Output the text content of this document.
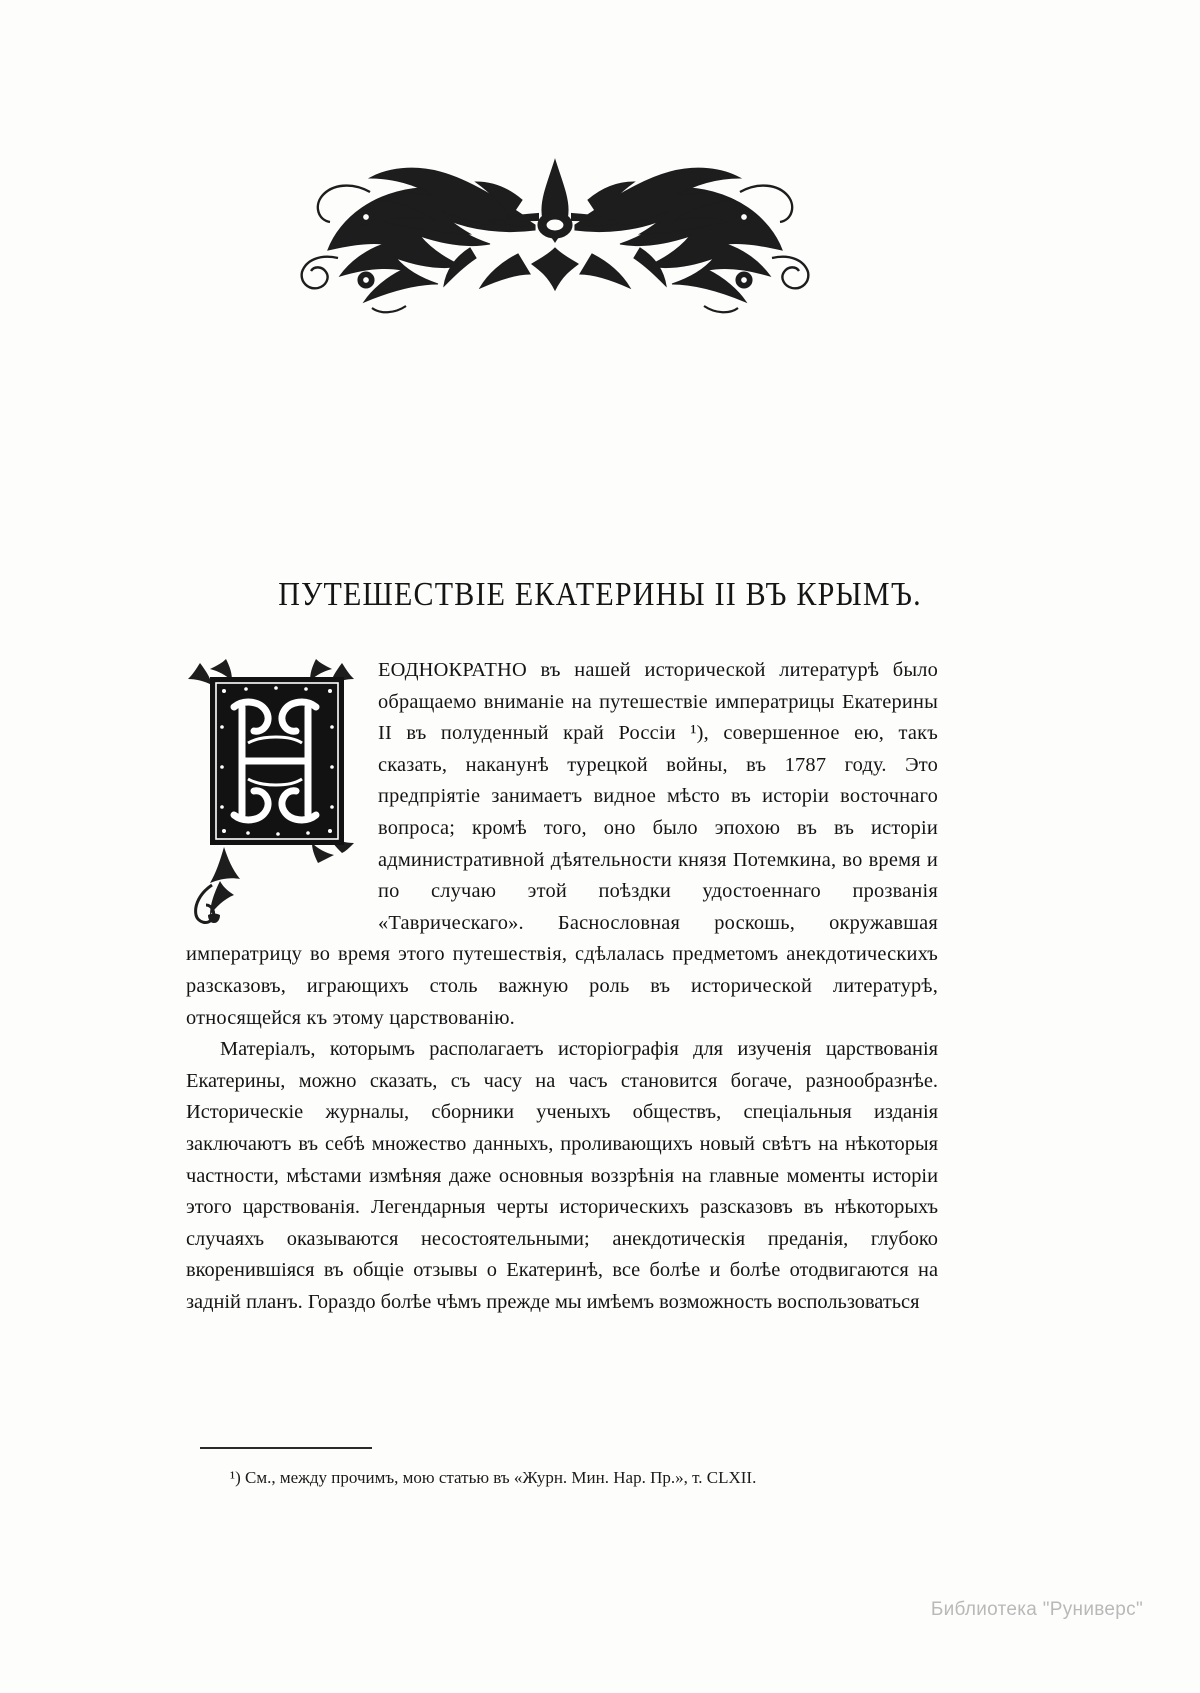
ПУТЕШЕСТВІЕ ЕКАТЕРИНЫ II ВЪ КРЫМЪ.

ЕОДНОКРАТНО въ нашей исторической литературѣ было обращаемо вниманіе на путешествіе императрицы Екатерины II въ полуденный край Россіи ¹), совершенное ею, такъ сказать, наканунѣ турецкой войны, въ 1787 году. Это предпріятіе занимаетъ видное мѣсто въ исторіи восточнаго вопроса; кромѣ того, оно было эпохою въ въ исторіи административной дѣятельности князя Потемкина, во время и по случаю этой поѣздки удостоеннаго прозванія «Таврическаго». Баснословная роскошь, окружавшая императрицу во время этого путешествія, сдѣлалась предметомъ анекдотическихъ разсказовъ, играющихъ столь важную роль въ исторической литературѣ, относящейся къ этому царствованію.

Матеріалъ, которымъ располагаетъ исторіографія для изученія царствованія Екатерины, можно сказать, съ часу на часъ становится богаче, разнообразнѣе. Историческіе журналы, сборники ученыхъ обществъ, спеціальныя изданія заключаютъ въ себѣ множество данныхъ, проливающихъ новый свѣтъ на нѣкоторыя частности, мѣстами измѣняя даже основныя воззрѣнія на главные моменты исторіи этого царствованія. Легендарныя черты историческихъ разсказовъ въ нѣкоторыхъ случаяхъ оказываются несостоятельными; анекдотическія преданія, глубоко вкоренившіяся въ общіе отзывы о Екатеринѣ, все болѣе и болѣе отодвигаются на задній планъ. Гораздо болѣе чѣмъ прежде мы имѣемъ возможность воспользоваться

¹) См., между прочимъ, мою статью въ «Журн. Мин. Нар. Пр.», т. CLXII.
Библиотека "Руниверс"
